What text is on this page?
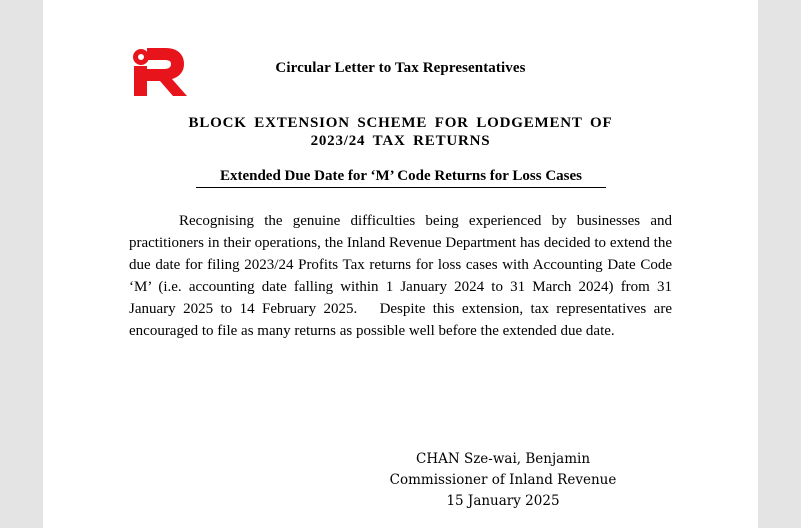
Circular Letter to Tax Representatives
BLOCK EXTENSION SCHEME FOR LODGEMENT OF
2023/24 TAX RETURNS
Extended Due Date for ‘M’ Code Returns for Loss Cases

Recognising the genuine difficulties being experienced by businesses and practitioners in their operations, the Inland Revenue Department has decided to extend the due date for filing 2023/24 Profits Tax returns for loss cases with Accounting Date Code ‘M’ (i.e. accounting date falling within 1 January 2024 to 31 March 2024) from 31 January 2025 to 14 February 2025.   Despite this extension, tax representatives are encouraged to file as many returns as possible well before the extended due date.

CHAN Sze-wai, Benjamin
Commissioner of Inland Revenue
15 January 2025
